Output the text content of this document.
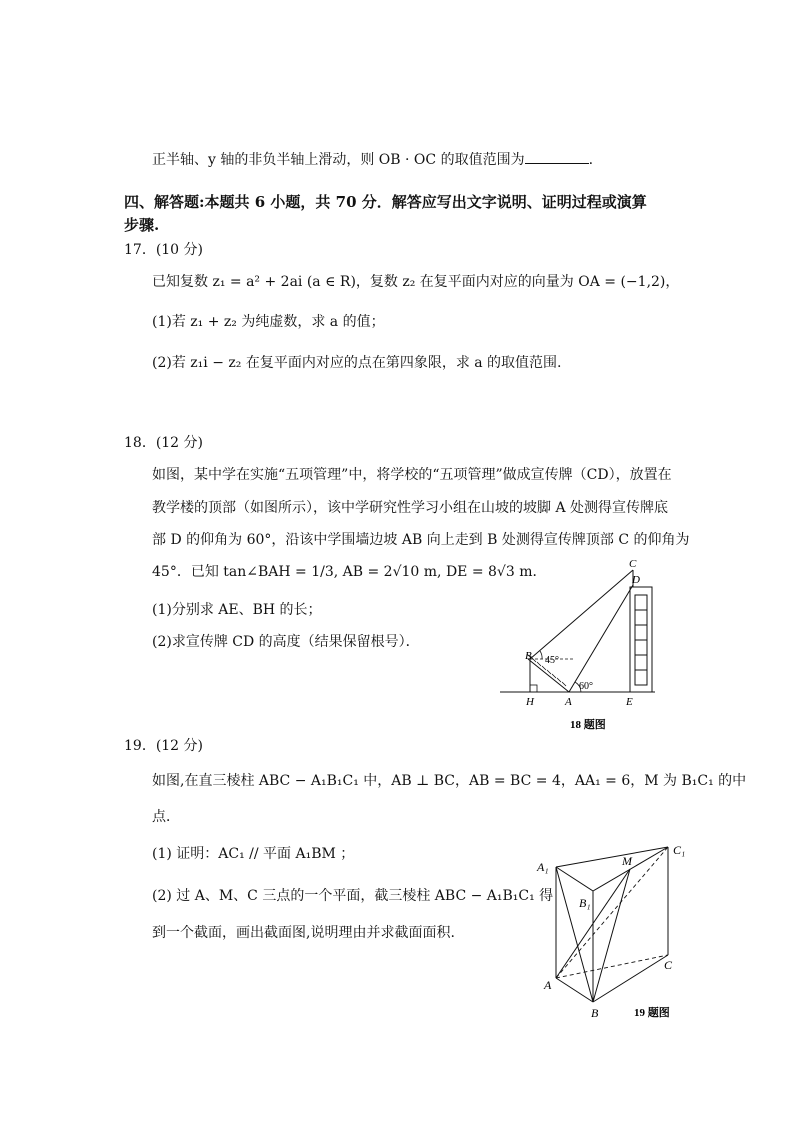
正半轴、y 轴的非负半轴上滑动，则 OB · OC 的取值范围为	.
四、解答题:本题共 6 小题，共 70 分．解答应写出文字说明、证明过程或演算
步骤.
17．(10 分)
已知复数 z₁ = a² + 2ai (a ∈ R)，复数 z₂ 在复平面内对应的向量为 OA = (−1,2)，
(1)若 z₁ + z₂ 为纯虚数，求 a 的值；
(2)若 z₁i − z₂ 在复平面内对应的点在第四象限，求 a 的取值范围.
18．(12 分)
如图，某中学在实施“五项管理”中，将学校的“五项管理”做成宣传牌（CD），放置在
教学楼的顶部（如图所示），该中学研究性学习小组在山坡的坡脚 A 处测得宣传牌底
部 D 的仰角为 60°，沿该中学围墙边坡 AB 向上走到 B 处测得宣传牌顶部 C 的仰角为
45°．已知 tan∠BAH = 1/3, AB = 2√10 m, DE = 8√3 m．
(1)分别求 AE、BH 的长；
(2)求宣传牌 CD 的高度（结果保留根号）．
C
D
B
H	A	E
45°
60°
18 题图
19．(12 分)
如图,在直三棱柱 ABC − A₁B₁C₁ 中，AB ⊥ BC，AB = BC = 4，AA₁ = 6，M 为 B₁C₁ 的中
点．
(1) 证明：AC₁ // 平面 A₁BM ；
(2) 过 A、M、C 三点的一个平面，截三棱柱 ABC − A₁B₁C₁ 得
到一个截面，画出截面图,说明理由并求截面面积.
A₁	M
C₁
B₁
A
C
B	19 题图
